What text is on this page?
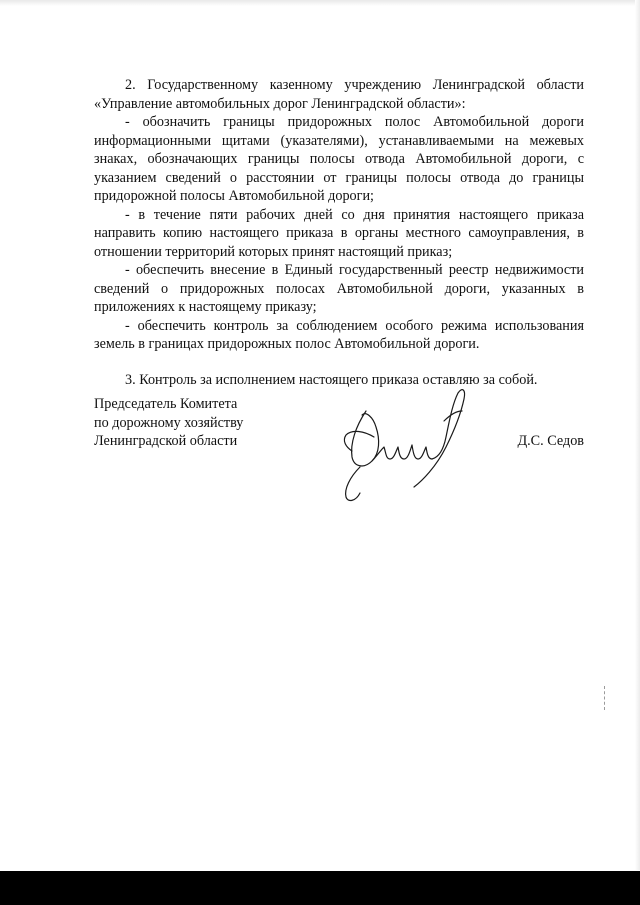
2. Государственному казенному учреждению Ленинградской области «Управление автомобильных дорог Ленинградской области»:

- обозначить границы придорожных полос Автомобильной дороги информационными щитами (указателями), устанавливаемыми на межевых знаках, обозначающих границы полосы отвода Автомобильной дороги, с указанием сведений о расстоянии от границы полосы отвода до границы придорожной полосы Автомобильной дороги;

- в течение пяти рабочих дней со дня принятия настоящего приказа направить копию настоящего приказа в органы местного самоуправления, в отношении территорий которых принят настоящий приказ;

- обеспечить внесение в Единый государственный реестр недвижимости сведений о придорожных полосах Автомобильной дороги, указанных в приложениях к настоящему приказу;

- обеспечить контроль за соблюдением особого режима использования земель в границах придорожных полос Автомобильной дороги.

3. Контроль за исполнением настоящего приказа оставляю за собой.

Председатель Комитета
по дорожному хозяйству
Ленинградской области	Д.С. Седов
